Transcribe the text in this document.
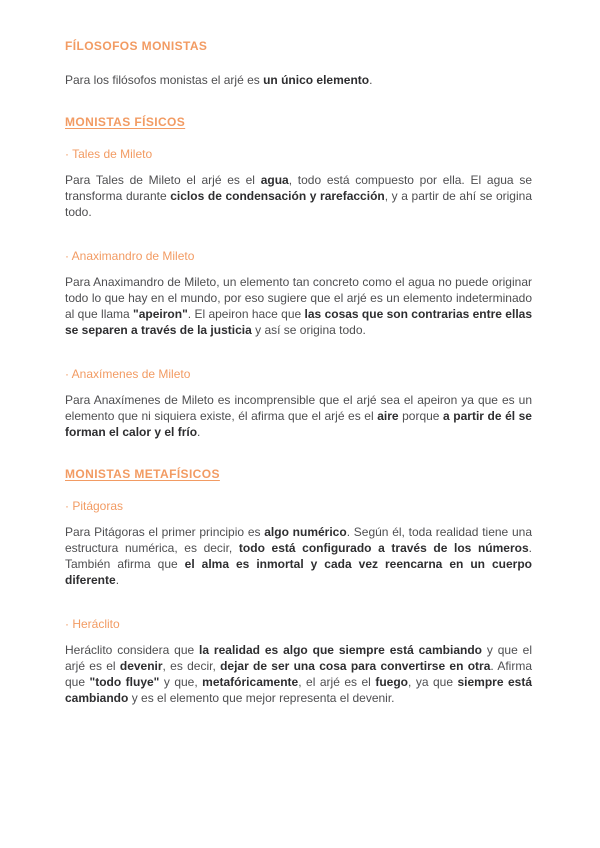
FÍLOSOFOS MONISTAS

Para los filósofos monistas el arjé es un único elemento.

MONISTAS FÍSICOS
· Tales de Mileto

Para Tales de Mileto el arjé es el agua, todo está compuesto por ella. El agua se transforma durante ciclos de condensación y rarefacción, y a partir de ahí se origina todo.

· Anaximandro de Mileto

Para Anaximandro de Mileto, un elemento tan concreto como el agua no puede originar todo lo que hay en el mundo, por eso sugiere que el arjé es un elemento indeterminado al que llama "apeiron". El apeiron hace que las cosas que son contrarias entre ellas se separen a través de la justicia y así se origina todo.

· Anaxímenes de Mileto

Para Anaxímenes de Mileto es incomprensible que el arjé sea el apeiron ya que es un elemento que ni siquiera existe, él afirma que el arjé es el aire porque a partir de él se forman el calor y el frío.

MONISTAS METAFÍSICOS
· Pitágoras

Para Pitágoras el primer principio es algo numérico. Según él, toda realidad tiene una estructura numérica, es decir, todo está configurado a través de los números. También afirma que el alma es inmortal y cada vez reencarna en un cuerpo diferente.

· Heráclito

Heráclito considera que la realidad es algo que siempre está cambiando y que el arjé es el devenir, es decir, dejar de ser una cosa para convertirse en otra. Afirma que "todo fluye" y que, metafóricamente, el arjé es el fuego, ya que siempre está cambiando y es el elemento que mejor representa el devenir.
